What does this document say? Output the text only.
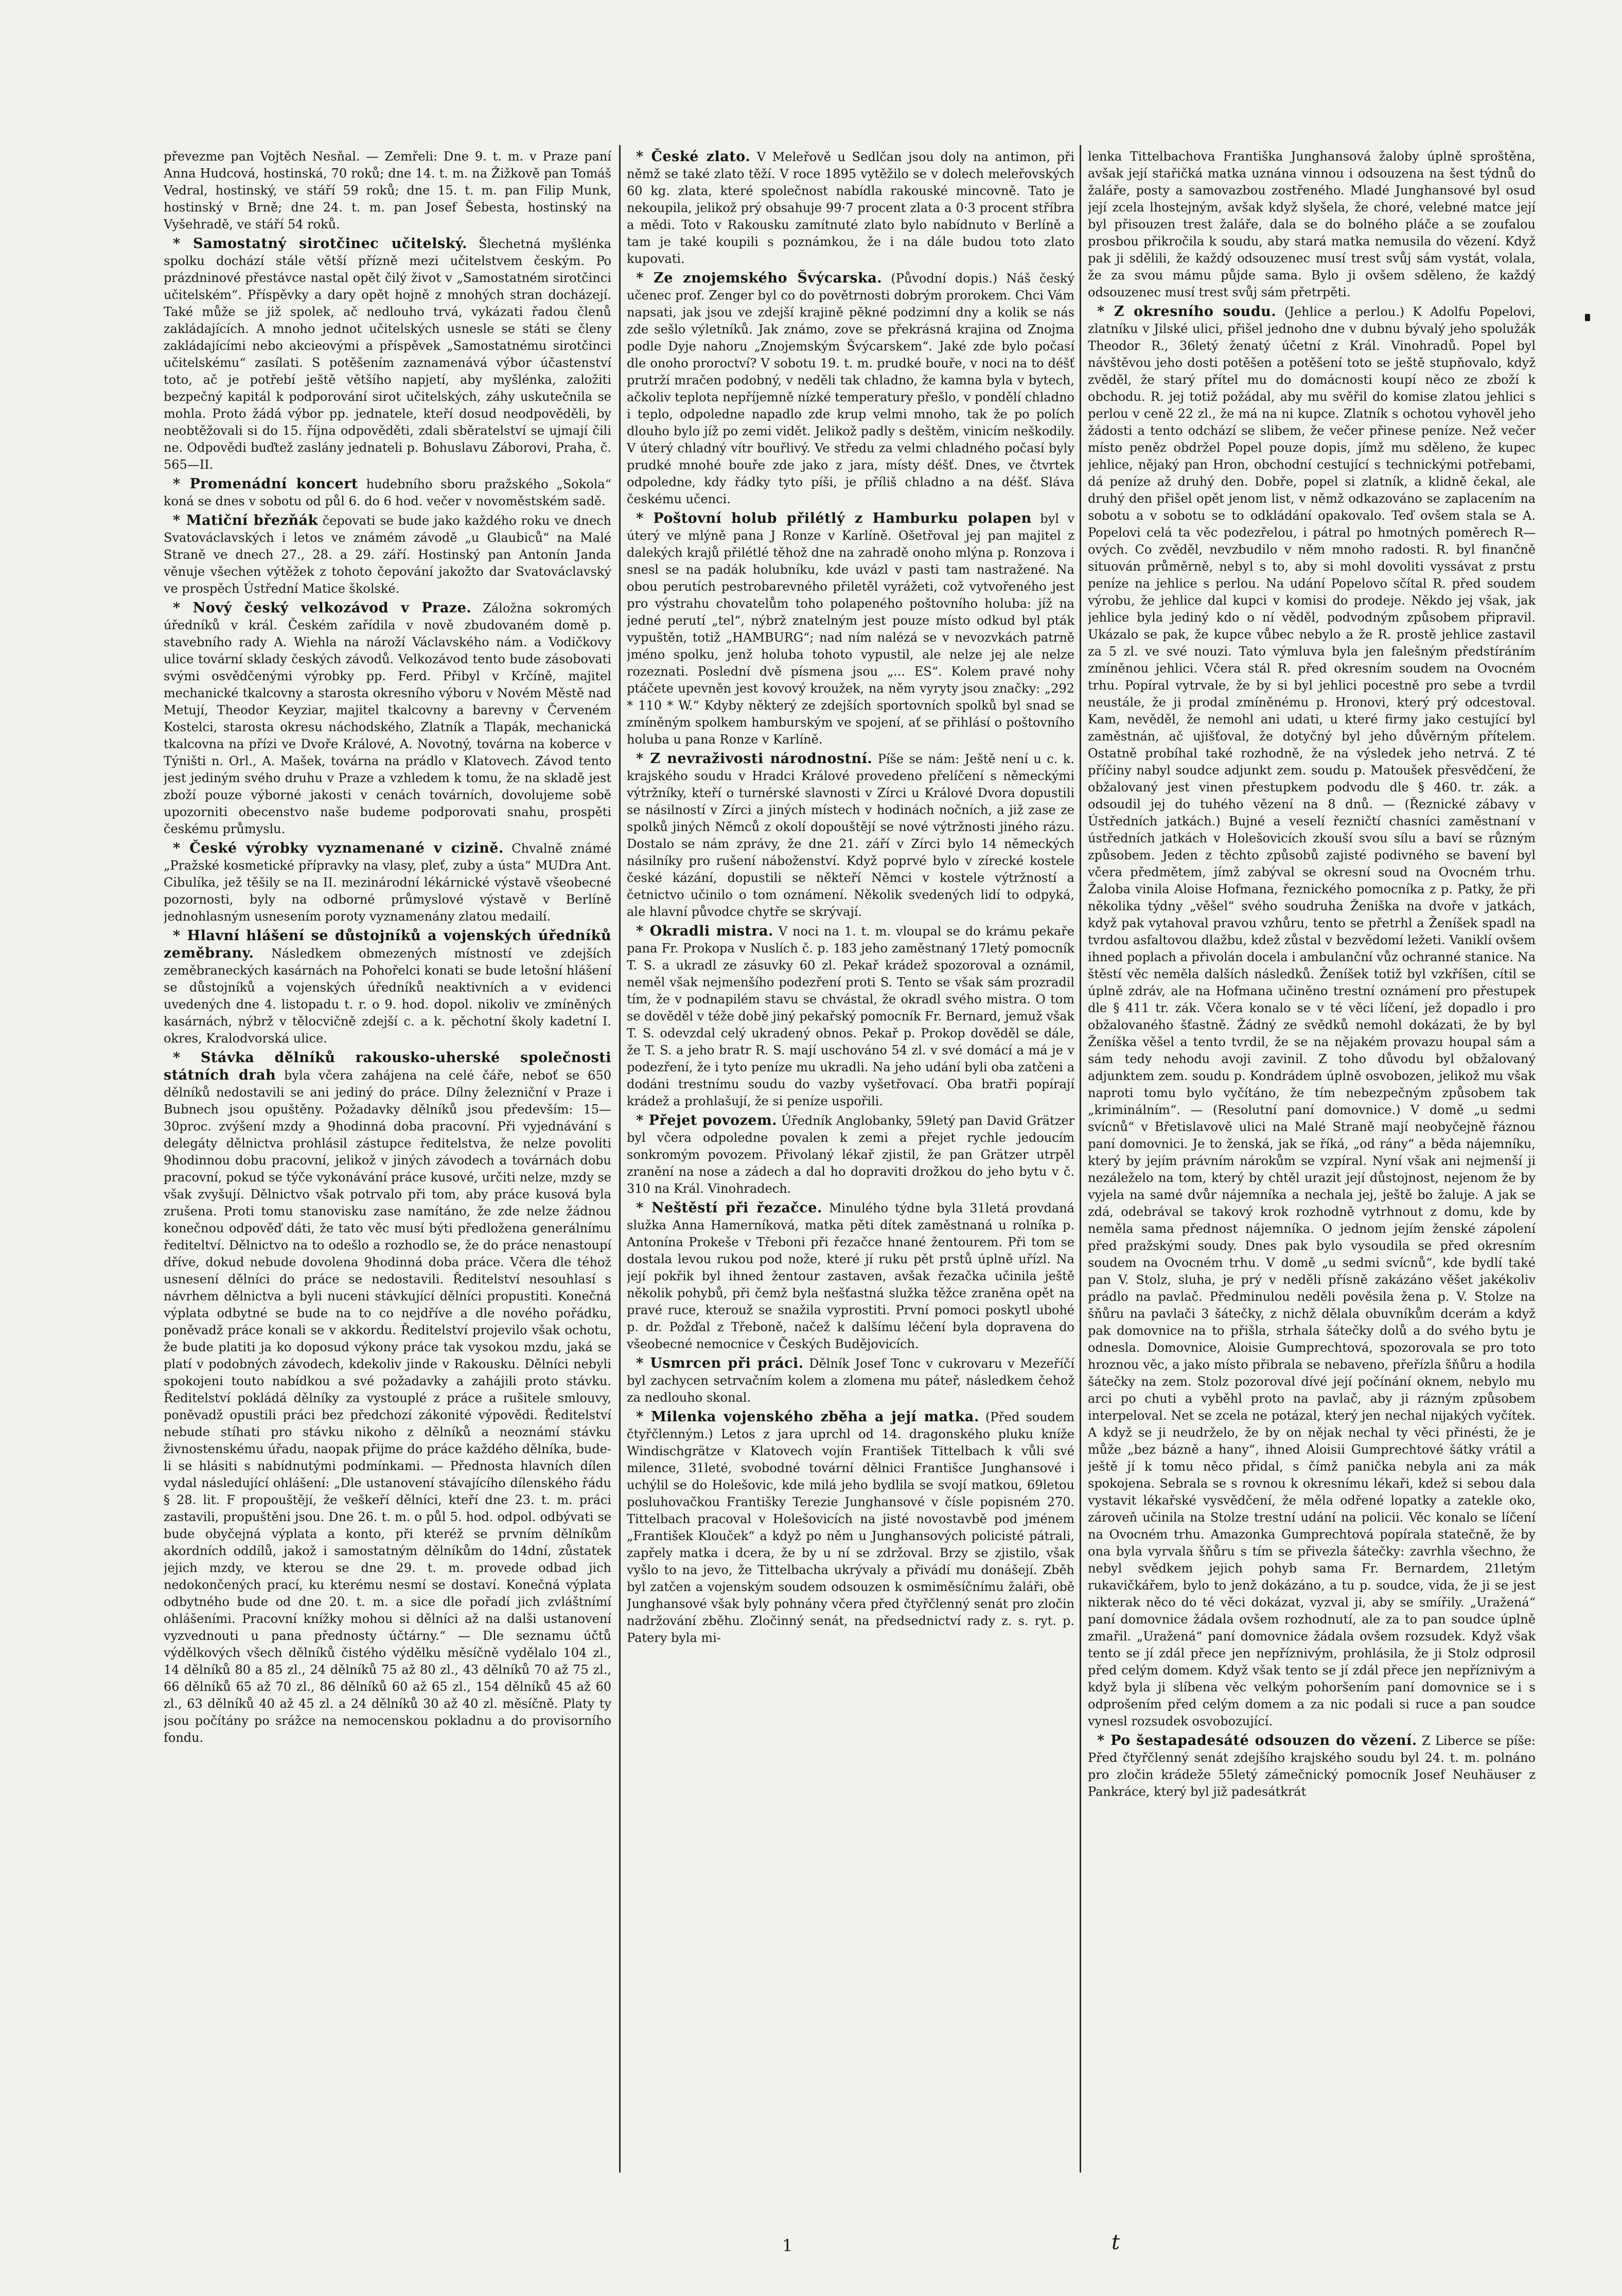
převezme pan Vojtěch Nesňal. — Zemřeli: Dne 9. t. m. v Praze paní Anna Hudcová, hostinská, 70 roků; dne 14. t. m. na Žižkově pan Tomáš Vedral, hostinský, ve stáří 59 roků; dne 15. t. m. pan Filip Munk, hostinský v Brně; dne 24. t. m. pan Josef Šebesta, hostinský na Vyšehradě, ve stáří 54 roků.

* Samostatný sirotčinec učitelský. Šlechetná myšlénka spolku dochází stále větší přízně mezi učitelstvem českým. Po prázdninové přestávce nastal opět čilý život v „Samostatném sirotčinci učitelském“. Příspěvky a dary opět hojně z mnohých stran docházejí. Také může se již spolek, ač nedlouho trvá, vykázati řadou členů zakládajících. A mnoho jednot učitelských usnesle se státi se členy zakládajícími nebo akcieovými a příspěvek „Samostatnému sirotčinci učitelskému“ zasílati. S potěšením zaznamenává výbor účastenství toto, ač je potřebí ještě většího napjetí, aby myšlénka, založiti bezpečný kapitál k podporování sirot učitelských, záhy uskutečnila se mohla. Proto žádá výbor pp. jednatele, kteří dosud neodpověděli, by neobtěžovali si do 15. října odpověděti, zdali sběratelství se ujmají čili ne. Odpovědi buďtež zaslány jednateli p. Bohuslavu Záborovi, Praha, č. 565—II.

* Promenádní koncert hudebního sboru pražského „Sokola“ koná se dnes v sobotu od půl 6. do 6 hod. večer v novoměstském sadě.

* Matiční březňák čepovati se bude jako každého roku ve dnech Svatováclavských i letos ve známém závodě „u Glaubiců“ na Malé Straně ve dnech 27., 28. a 29. září. Hostinský pan Antonín Janda věnuje všechen výtěžek z tohoto čepování jakožto dar Svatováclavský ve prospěch Ústřední Matice školské.

* Nový český velkozávod v Praze. Záložna sokromých úředníků v král. Českém zařídila v nově zbudovaném domě p. stavebního rady A. Wiehla na nároží Václavského nám. a Vodičkovy ulice tovární sklady českých závodů. Velkozávod tento bude zásobovati svými osvědčenými výrobky pp. Ferd. Přibyl v Krčíně, majitel mechanické tkalcovny a starosta okresního výboru v Novém Městě nad Metují, Theodor Keyziar, majitel tkalcovny a barevny v Červeném Kostelci, starosta okresu náchodského, Zlatník a Tlapák, mechanická tkalcovna na přízi ve Dvoře Králové, A. Novotný, továrna na koberce v Týništi n. Orl., A. Mašek, továrna na prádlo v Klatovech. Závod tento jest jediným svého druhu v Praze a vzhledem k tomu, že na skladě jest zboží pouze výborné jakosti v cenách továrních, dovolujeme sobě upozorniti obecenstvo naše budeme podporovati snahu, prospěti českému průmyslu.

* České výrobky vyznamenané v cizině. Chvalně známé „Pražské kosmetické přípravky na vlasy, pleť, zuby a ústa“ MUDra Ant. Cibulíka, jež těšily se na II. mezinárodní lékárnické výstavě všeobecné pozornosti, byly na odborné průmyslové výstavě v Berlíně jednohlasným usnesením poroty vyznamenány zlatou medailí.

* Hlavní hlášení se důstojníků a vojenských úředníků zeměbrany. Následkem obmezených místností ve zdejších zeměbraneckých kasárnách na Pohořelci konati se bude letošní hlášení se důstojníků a vojenských úředníků neaktivních a v evidenci uvedených dne 4. listopadu t. r. o 9. hod. dopol. nikoliv ve zmíněných kasárnách, nýbrž v tělocvičně zdejší c. a k. pěchotní školy kadetní I. okres, Kralodvorská ulice.

* Stávka dělníků rakousko-uherské společnosti státních drah byla včera zahájena na celé čáře, neboť se 650 dělníků nedostavili se ani jediný do práce. Dílny železniční v Praze i Bubnech jsou opuštěny. Požadavky dělníků jsou především: 15—30proc. zvýšení mzdy a 9hodinná doba pracovní. Při vyjednávání s delegáty dělnictva prohlásil zástupce ředitelstva, že nelze povoliti 9hodinnou dobu pracovní, jelikož v jiných závodech a továrnách dobu pracovní, pokud se týče vykonávání práce kusové, určiti nelze, mzdy se však zvyšují. Dělnictvo však potrvalo při tom, aby práce kusová byla zrušena. Proti tomu stanovisku zase namítáno, že zde nelze žádnou konečnou odpověď dáti, že tato věc musí býti předložena generálnímu řediteltví. Dělnictvo na to odešlo a rozhodlo se, že do práce nenastoupí dříve, dokud nebude dovolena 9hodinná doba práce. Včera dle téhož usnesení dělníci do práce se nedostavili. Ředitelství nesouhlasí s návrhem dělnictva a byli nuceni stávkující dělníci propustiti. Konečná výplata odbytné se bude na to co nejdříve a dle nového pořádku, poněvadž práce konali se v akkordu. Ředitelství projevilo však ochotu, že bude platiti ja ko doposud výkony práce tak vysokou mzdu, jaká se platí v podobných závodech, kdekoliv jinde v Rakousku. Dělníci nebyli spokojeni touto nabídkou a své požadavky a zahájili proto stávku. Ředitelství pokládá dělníky za vystouplé z práce a rušitele smlouvy, poněvadž opustili práci bez předchozí zákonité výpovědi. Ředitelství nebude stíhati pro stávku nikoho z dělníků a neoznámí stávku živnostenskému úřadu, naopak přijme do práce každého dělníka, bude-li se hlásiti s nabídnutými podmínkami. — Přednosta hlavních dílen vydal následující ohlášení: „Dle ustanovení stávajícího dílenského řádu § 28. lit. F propouštějí, že veškeří dělníci, kteří dne 23. t. m. práci zastavili, propuštěni jsou. Dne 26. t. m. o půl 5. hod. odpol. odbývati se bude obyčejná výplata a konto, při kteréž se prvním dělníkům akordních oddílů, jakož i samostatným dělníkům do 14dní, zůstatek jejich mzdy, ve kterou se dne 29. t. m. provede odbad jich nedokončených prací, ku kterému nesmí se dostaví. Konečná výplata odbytného bude od dne 20. t. m. a sice dle pořadí jich zvláštnímí ohlášeními. Pracovní knížky mohou si dělníci až na dalši ustanovení vyzvednouti u pana přednosty účtárny.“ — Dle seznamu účtů výdělkových všech dělníků čistého výdělku měsíčně vydělalo 104 zl., 14 dělníků 80 a 85 zl., 24 dělníků 75 až 80 zl., 43 dělníků 70 až 75 zl., 66 dělníků 65 až 70 zl., 86 dělníků 60 až 65 zl., 154 dělníků 45 až 60 zl., 63 dělníků 40 až 45 zl. a 24 dělníků 30 až 40 zl. měsíčně. Platy ty jsou počítány po srážce na nemocenskou pokladnu a do provisorního fondu.

* České zlato. V Meleřově u Sedlčan jsou doly na antimon, při němž se také zlato těží. V roce 1895 vytěžilo se v dolech meleřovských 60 kg. zlata, které společnost nabídla rakouské mincovně. Tato je nekoupila, jelikož prý obsahuje 99·7 procent zlata a 0·3 procent stříbra a mědi. Toto v Rakousku zamítnuté zlato bylo nabídnuto v Berlíně a tam je také koupili s poznámkou, že i na dále budou toto zlato kupovati.

* Ze znojemského Švýcarska. (Původní dopis.) Náš český učenec prof. Zenger byl co do povětrnosti dobrým prorokem. Chci Vám napsati, jak jsou ve zdejší krajině pěkné podzimní dny a kolik se nás zde sešlo výletníků. Jak známo, zove se překrásná krajina od Znojma podle Dyje nahoru „Znojemským Švýcarskem“. Jaké zde bylo počasí dle onoho proroctví? V sobotu 19. t. m. prudké bouře, v noci na to déšť prutrží mračen podobný, v neděli tak chladno, že kamna byla v bytech, ačkoliv teplota nepříjemně nízké temperatury přešlo, v pondělí chladno i teplo, odpoledne napadlo zde krup velmi mnoho, tak že po polích dlouho bylo jíž po zemi vidět. Jelikož padly s deštěm, vinicím neškodily. V úterý chladný vítr bouřlivý. Ve středu za velmi chladného počasí byly prudké mnohé bouře zde jako z jara, místy déšť. Dnes, ve čtvrtek odpoledne, kdy řádky tyto píši, je příliš chladno a na déšť. Sláva českému učenci.

* Poštovní holub přilétlý z Hamburku polapen byl v úterý ve mlýně pana J Ronze v Karlíně. Ošetřoval jej pan majitel z dalekých krajů přilétlé těhož dne na zahradě onoho mlýna p. Ronzova i snesl se na padák holubníku, kde uvázl v pasti tam nastražené. Na obou perutích pestrobarevného přiletěl vyrážeti, což vytvořeného jest pro výstrahu chovatelům toho polapeného poštovního holuba: jíž na jedné perutí „tel“, nýbrž znatelným jest pouze místo odkud byl pták vypuštěn, totiž „HAMBURG“; nad ním nalézá se v nevozvkách patrně jméno spolku, jenž holuba tohoto vypustil, ale nelze jej ale nelze rozeznati. Poslední dvě písmena jsou „... ES“. Kolem pravé nohy ptáčete upevněn jest kovový kroužek, na něm vyryty jsou značky: „292 * 110 * W.“ Kdyby některý ze zdejších sportovních spolků byl snad se zmíněným spolkem hamburským ve spojení, ať se přihlásí o poštovního holuba u pana Ronze v Karlíně.

* Z nevraživosti národnostní. Píše se nám: Ještě není u c. k. krajského soudu v Hradci Králové provedeno přelíčení s německými výtržníky, kteří o turnérské slavnosti v Zírci u Králové Dvora dopustili se násilností v Zírci a jiných místech v hodinách nočních, a již zase ze spolků jiných Němců z okolí dopouštějí se nové výtržnosti jiného rázu. Dostalo se nám zprávy, že dne 21. září v Zírci bylo 14 německých násilníky pro rušení náboženství. Když poprvé bylo v zírecké kostele české kázání, dopustili se někteří Němci v kostele výtržností a četnictvo učinilo o tom oznámení. Několik svedených lidí to odpyká, ale hlavní původce chytře se skrývají.

* Okradli mistra. V noci na 1. t. m. vloupal se do krámu pekaře pana Fr. Prokopa v Nuslích č. p. 183 jeho zaměstnaný 17letý pomocník T. S. a ukradl ze zásuvky 60 zl. Pekař krádež spozoroval a oznámil, neměl však nejmenšího podezření proti S. Tento se však sám prozradil tím, že v podnapilém stavu se chvástal, že okradl svého mistra. O tom se dověděl v téže době jiný pekařský pomocník Fr. Bernard, jemuž však T. S. odevzdal celý ukradený obnos. Pekař p. Prokop dověděl se dále, že T. S. a jeho bratr R. S. mají uschováno 54 zl. v své domácí a má je v podezření, že i tyto peníze mu ukradli. Na jeho udání byli oba zatčeni a dodáni trestnímu soudu do vazby vyšetřovací. Oba bratři popírají krádež a prohlašují, že si peníze uspořili.

* Přejet povozem. Úředník Anglobanky, 59letý pan David Grätzer byl včera odpoledne povalen k zemi a přejet rychle jedoucím sonkromým povozem. Přivolaný lékař zjistil, že pan Grätzer utrpěl zranění na nose a zádech a dal ho dopraviti drožkou do jeho bytu v č. 310 na Král. Vinohradech.

* Neštěstí při řezačce. Minulého týdne byla 31letá provdaná služka Anna Hamerníková, matka pěti dítek zaměstnaná u rolníka p. Antonína Prokeše v Třeboni při řezačce hnané žentourem. Při tom se dostala levou rukou pod nože, které jí ruku pět prstů úplně uřízl. Na její pokřik byl ihned žentour zastaven, avšak řezačka učinila ještě několik pohybů, při čemž byla nešťastná služka těžce zraněna opět na pravé ruce, kterouž se snažila vyprostiti. První pomoci poskytl ubohé p. dr. Požďal z Třeboně, načež k dalšímu léčení byla dopravena do všeobecné nemocnice v Českých Budějovicích.

* Usmrcen při práci. Dělník Josef Tonc v cukrovaru v Mezeříčí byl zachycen setrvačním kolem a zlomena mu páteř, následkem čehož za nedlouho skonal.

* Milenka vojenského zběha a její matka. (Před soudem čtyřčlenným.) Letos z jara uprchl od 14. dragonského pluku kníže Windischgrätze v Klatovech vojín František Tittelbach k vůli své milence, 31leté, svobodné tovární dělnici Františce Junghansové i uchýlil se do Holešovic, kde milá jeho bydlila se svojí matkou, 69letou posluhovačkou Františky Terezie Junghansové v čísle popisném 270. Tittelbach pracoval v Holešovicích na jisté novostavbě pod jménem „František Klouček“ a když po něm u Junghansových policisté pátrali, zapřely matka i dcera, že by u ní se zdržoval. Brzy se zjistilo, však vyšlo to na jevo, že Tittelbacha ukrývaly a přivádí mu donášejí. Zběh byl zatčen a vojenským soudem odsouzen k osmiměsíčnímu žaláři, obě Junghansové však byly pohnány včera před čtyřčlenný senát pro zločin nadržování zběhu. Zločinný senát, na předsednictví rady z. s. ryt. p. Patery byla mi-

lenka Tittelbachova Františka Junghansová žaloby úplně sproštěna, avšak její stařičká matka uznána vinnou i odsouzena na šest týdnů do žaláře, posty a samovazbou zostřeného. Mladé Junghansové byl osud její zcela lhostejným, avšak když slyšela, že choré, velebné matce její byl přisouzen trest žaláře, dala se do bolného pláče a se zoufalou prosbou přikročila k soudu, aby stará matka nemusila do vězení. Když pak ji sdělili, že každý odsouzenec musí trest svůj sám vystát, volala, že za svou mámu půjde sama. Bylo ji ovšem sděleno, že každý odsouzenec musí trest svůj sám přetrpěti.

* Z okresního soudu. (Jehlice a perlou.) K Adolfu Popelovi, zlatníku v Jilské ulici, přišel jednoho dne v dubnu bývalý jeho spolužák Theodor R., 36letý ženatý účetní z Král. Vinohradů. Popel byl návštěvou jeho dosti potěšen a potěšení toto se ještě stupňovalo, když zvěděl, že starý přítel mu do domácnosti koupí něco ze zboží k obchodu. R. jej totiž požádal, aby mu svěřil do komise zlatou jehlici s perlou v ceně 22 zl., že má na ni kupce. Zlatník s ochotou vyhověl jeho žádosti a tento odchází se slibem, že večer přinese peníze. Než večer místo peněz obdržel Popel pouze dopis, jímž mu sděleno, že kupec jehlice, nějaký pan Hron, obchodní cestující s technickými potřebami, dá peníze až druhý den. Dobře, popel si zlatník, a klidně čekal, ale druhý den přišel opět jenom list, v němž odkazováno se zaplacením na sobotu a v sobotu se to odkládání opakovalo. Teď ovšem stala se A. Popelovi celá ta věc podezřelou, i pátral po hmotných poměrech R—ových. Co zvěděl, nevzbudilo v něm mnoho radosti. R. byl finančně situován průměrně, nebyl s to, aby si mohl dovoliti vyssávat z prstu peníze na jehlice s perlou. Na udání Popelovo sčítal R. před soudem výrobu, že jehlice dal kupci v komisi do prodeje. Někdo jej však, jak jehlice byla jediný kdo o ní věděl, podvodným způsobem připravil. Ukázalo se pak, že kupce vůbec nebylo a že R. prostě jehlice zastavil za 5 zl. ve své nouzi. Tato výmluva byla jen falešným předstíráním zmíněnou jehlici. Včera stál R. před okresním soudem na Ovocném trhu. Popíral vytrvale, že by si byl jehlici pocestně pro sebe a tvrdil neustále, že ji prodal zmíněnému p. Hronovi, který prý odcestoval. Kam, nevěděl, že nemohl ani udati, u které firmy jako cestující byl zaměstnán, ač ujišťoval, že dotyčný byl jeho důvěrným přítelem. Ostatně probíhal také rozhodně, že na výsledek jeho netrvá. Z té příčiny nabyl soudce adjunkt zem. soudu p. Matoušek přesvědčení, že obžalovaný jest vinen přestupkem podvodu dle § 460. tr. zák. a odsoudil jej do tuhého vězení na 8 dnů. — (Řeznické zábavy v Ústředních jatkách.) Bujné a veselí řezničtí chasníci zaměstnaní v ústředních jatkách v Holešovicích zkouší svou sílu a baví se různým způsobem. Jeden z těchto způsobů zajisté podivného se bavení byl včera předmětem, jímž zabýval se okresní soud na Ovocném trhu. Žaloba vinila Aloise Hofmana, řeznického pomocníka z p. Patky, že při několika týdny „věšel“ svého soudruha Ženiška na dvoře v jatkách, když pak vytahoval pravou vzhůru, tento se přetrhl a Ženíšek spadl na tvrdou asfaltovou dlažbu, kdež zůstal v bezvědomí ležeti. Vaniklí ovšem ihned poplach a přivolán docela i ambulanční vůz ochranné stanice. Na štěstí věc neměla dalších následků. Ženíšek totiž byl vzkříšen, cítil se úplně zdráv, ale na Hofmana učiněno trestní oznámení pro přestupek dle § 411 tr. zák. Včera konalo se v té věci líčení, jež dopadlo i pro obžalovaného šťastně. Žádný ze svědků nemohl dokázati, že by byl Ženíška věšel a tento tvrdil, že se na nějakém provazu houpal sám a sám tedy nehodu avoji zavinil. Z toho důvodu byl obžalovaný adjunktem zem. soudu p. Kondrádem úplně osvobozen, jelikož mu však naproti tomu bylo vyčítáno, že tím nebezpečným způsobem tak „kriminálním“. — (Resolutní paní domovnice.) V domě „u sedmi svícnů“ v Břetislavově ulici na Malé Straně mají neobyčejně řáznou paní domovnici. Je to ženská, jak se říká, „od rány“ a běda nájemníku, který by jejím právním nárokům se vzpíral. Nyní však ani nejmenší ji nezáleželo na tom, který by chtěl urazit její důstojnost, nejenom že by vyjela na samé dvůr nájemníka a nechala jej, ještě bo žaluje. A jak se zdá, odebrával se takový krok rozhodně vytrhnout z domu, kde by neměla sama přednost nájemníka. O jednom jejím ženské zápolení před pražskými soudy. Dnes pak bylo vysoudila se před okresním soudem na Ovocném trhu. V domě „u sedmi svícnů“, kde bydlí také pan V. Stolz, sluha, je prý v neděli přísně zakázáno věšet jakékoliv prádlo na pavlač. Předminulou neděli pověsila žena p. V. Stolze na šňůru na pavlači 3 šátečky, z nichž dělala obuvníkům dcerám a když pak domovnice na to přišla, strhala šátečky dolů a do svého bytu je odnesla. Domovnice, Aloisie Gumprechtová, spozorovala se pro toto hroznou věc, a jako místo přibrala se nebaveno, přeřízla šňůru a hodila šátečky na zem. Stolz pozoroval dívé její počínání oknem, nebylo mu arci po chuti a vyběhl proto na pavlač, aby ji rázným způsobem interpeloval. Net se zcela ne potázal, který jen nechal nijakých vyčítek. A když se ji neudrželo, že by on nějak nechal ty věci přinésti, že je může „bez bázně a hany“, ihned Aloisii Gumprechtové šátky vrátil a ještě jí k tomu něco přidal, s čímž panička nebyla ani za mák spokojena. Sebrala se s rovnou k okresnímu lékaři, kdež si sebou dala vystavit lékařské vysvědčení, že měla odřené lopatky a zatekle oko, zároveň učinila na Stolze trestní udání na policii. Věc konalo se líčení na Ovocném trhu. Amazonka Gumprechtová popírala statečně, že by ona byla vyrvala šňůru s tím se přivezla šátečky: zavrhla všechno, že nebyl svědkem jejich pohyb sama Fr. Bernardem, 21letým rukavičkářem, bylo to jenž dokázáno, a tu p. soudce, vida, že ji se jest nikterak něco do té věci dokázat, vyzval ji, aby se smířily. „Uražená“ paní domovnice žádala ovšem rozhodnutí, ale za to pan soudce úplně zmařil. „Uražená“ paní domovnice žádala ovšem rozsudek. Když však tento se jí zdál přece jen nepříznivým, prohlásila, že ji Stolz odprosil před celým domem. Když však tento se jí zdál přece jen nepříznivým a když byla ji slíbena věc velkým pohoršením paní domovnice se i s odprošením před celým domem a za nic podali si ruce a pan soudce vynesl rozsudek osvobozující.

* Po šestapadesáté odsouzen do vězení. Z Liberce se píše: Před čtyřčlenný senát zdejšího krajského soudu byl 24. t. m. polnáno pro zločin krádeže 55letý zámečnický pomocník Josef Neuhäuser z Pankráce, který byl již padesátkrát

1	t
